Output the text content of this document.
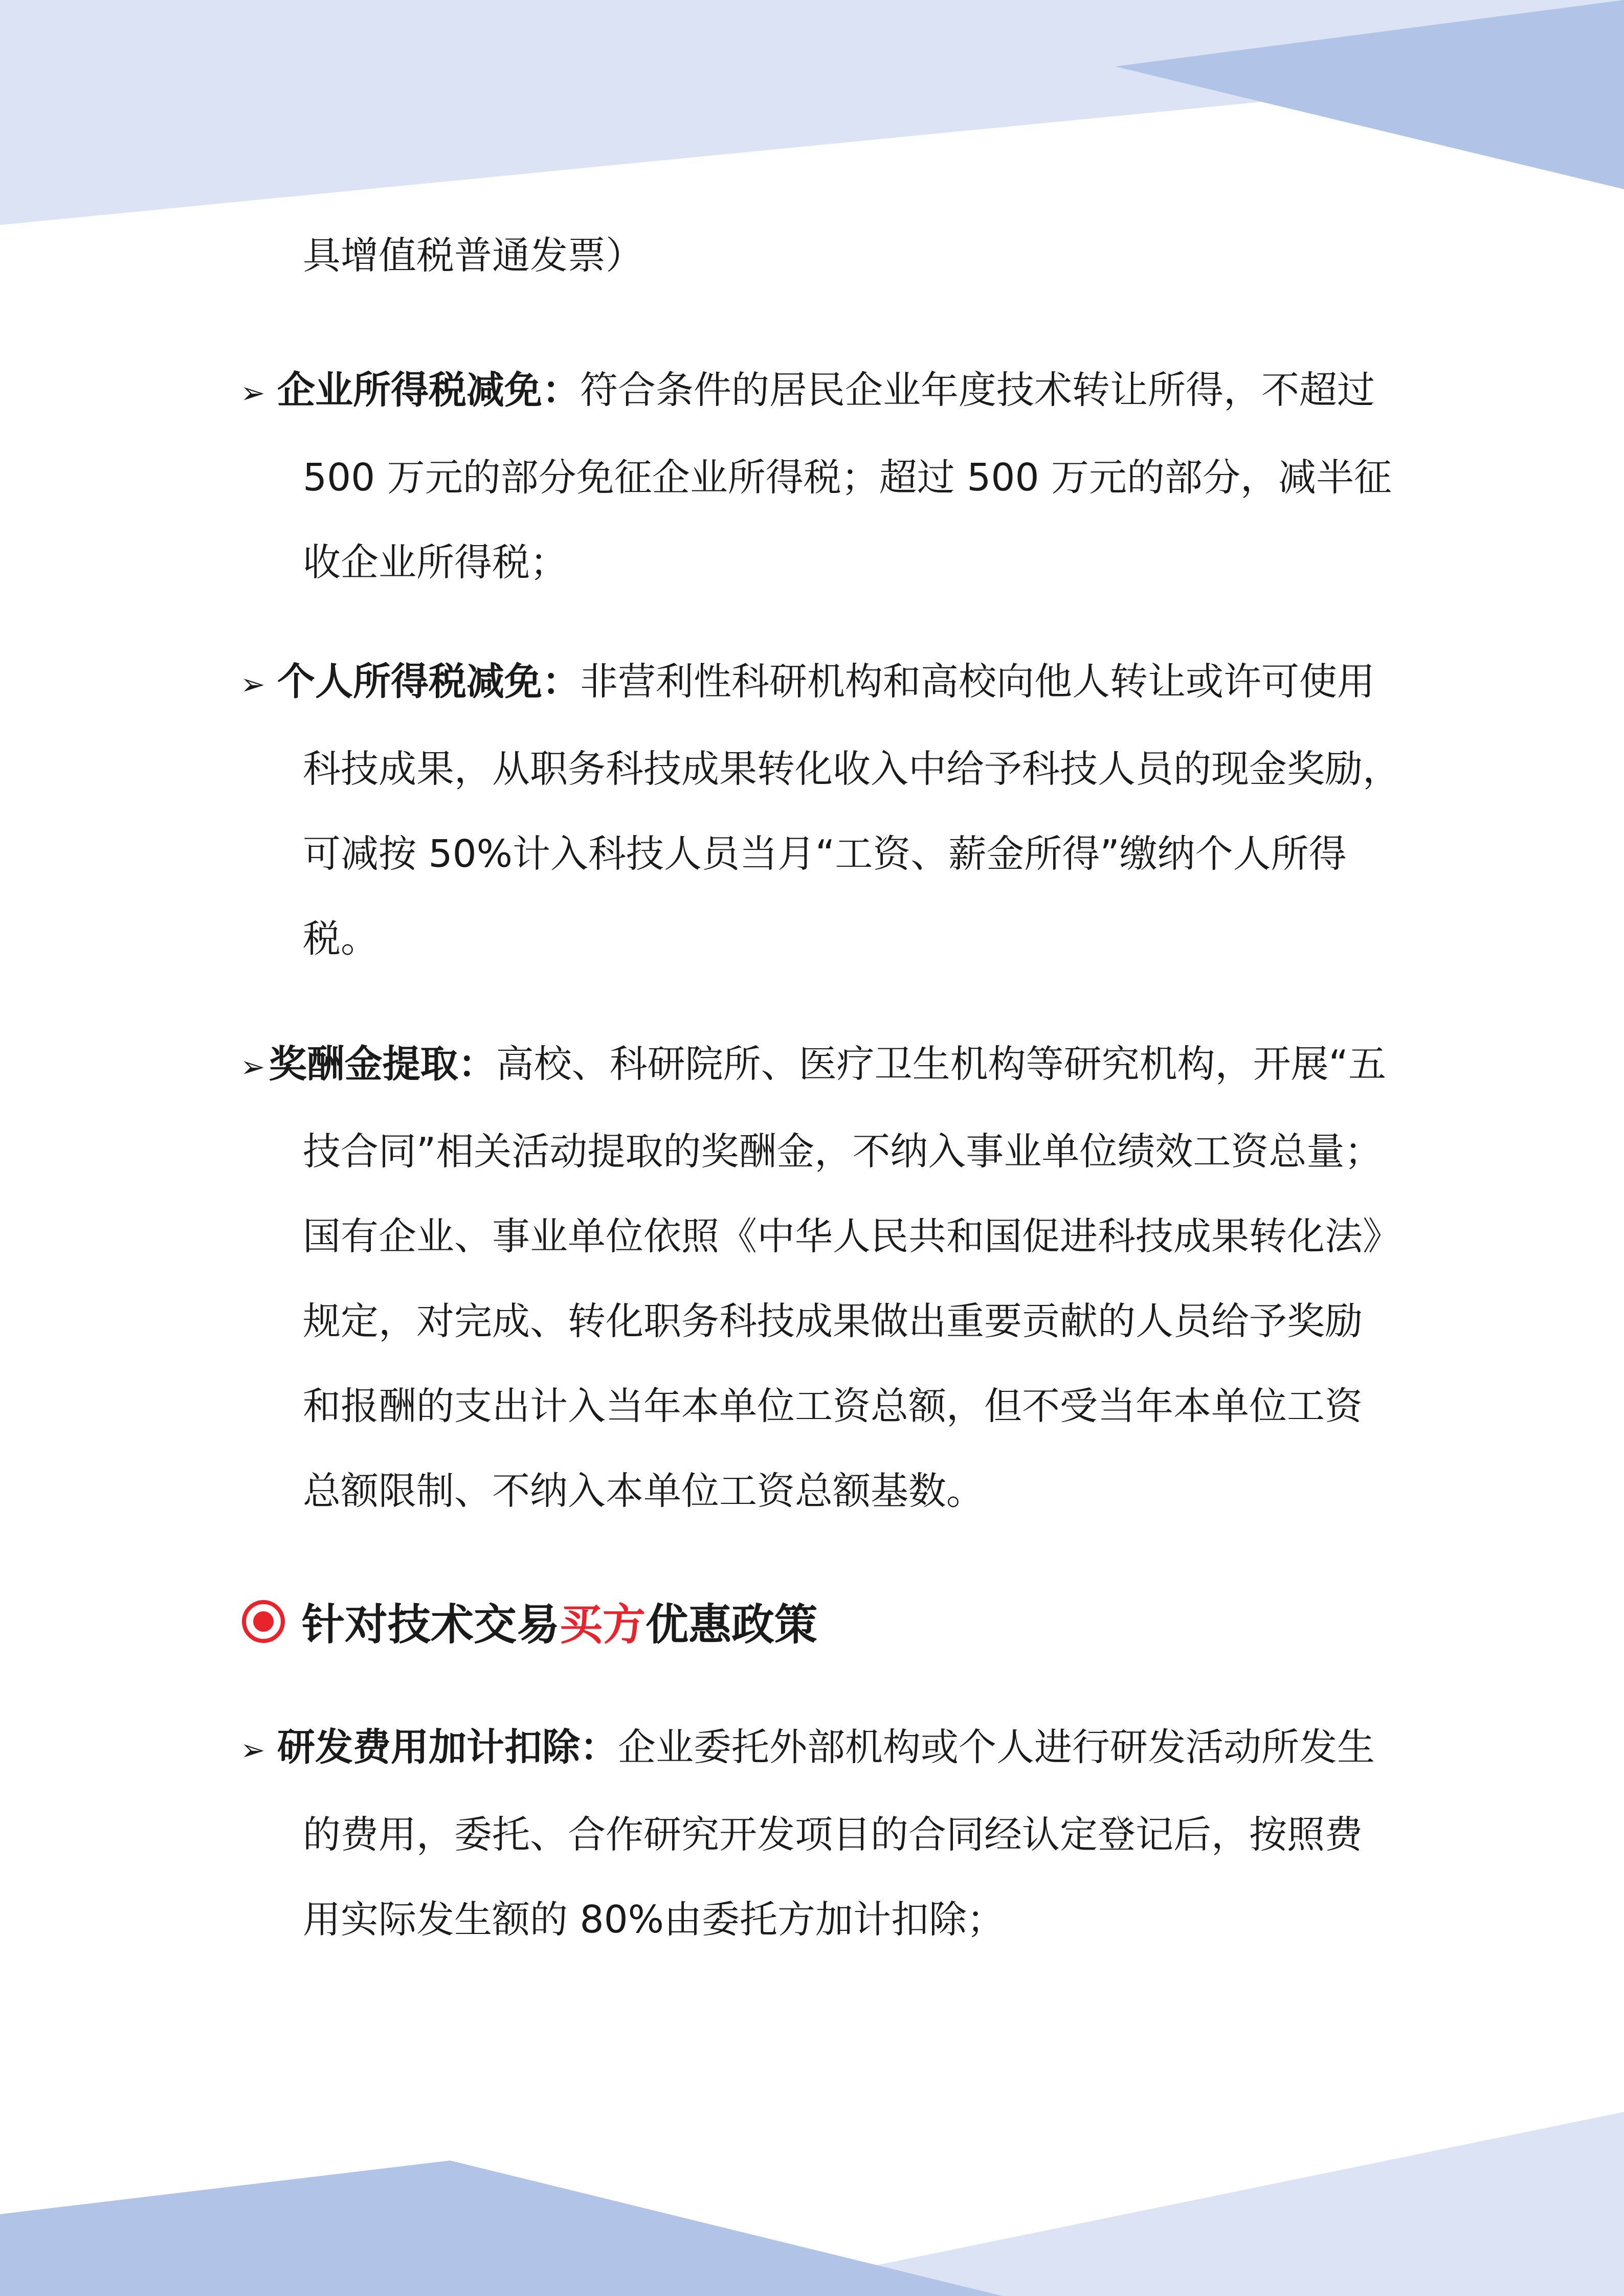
具增值税普通发票）
➢ 企业所得税减免： 符合条件的居民企业年度技术转让所得，不超过
500 万元的部分免征企业所得税；超过 500 万元的部分，减半征
收企业所得税；
➢ 个人所得税减免： 非营利性科研机构和高校向他人转让或许可使用
科技成果，从职务科技成果转化收入中给予科技人员的现金奖励，
可减按 50%计入科技人员当月“工资、薪金所得”缴纳个人所得
税。
➢ 奖酬金提取： 高校、科研院所、医疗卫生机构等研究机构，开展“五
技合同”相关活动提取的奖酬金，不纳入事业单位绩效工资总量；
国有企业、事业单位依照《中华人民共和国促进科技成果转化法》
规定，对完成、转化职务科技成果做出重要贡献的人员给予奖励
和报酬的支出计入当年本单位工资总额，但不受当年本单位工资
总额限制、不纳入本单位工资总额基数。
针对技术交易 买方 优惠政策
➢ 研发费用加计扣除： 企业委托外部机构或个人进行研发活动所发生
的费用，委托、合作研究开发项目的合同经认定登记后，按照费
用实际发生额的 80%由委托方加计扣除；
